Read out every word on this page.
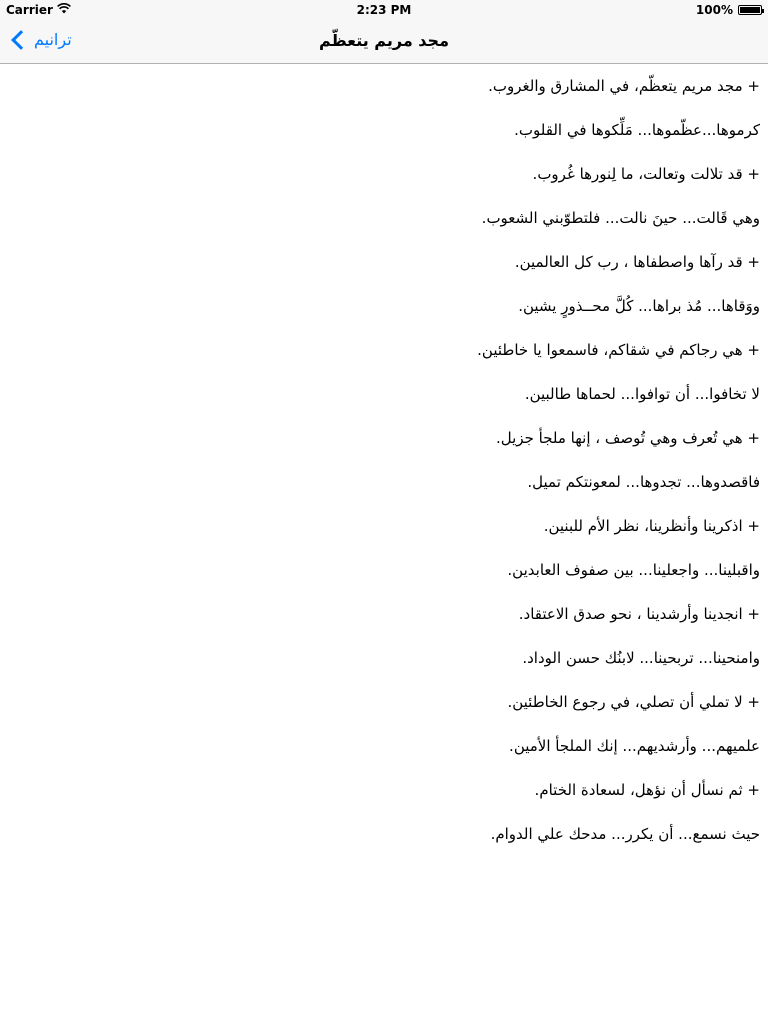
Carrier	2:23 PM	100%
ترانيم	مجد مريم يتعظّم
+ مجد مريم يتعظّم، في المشارق والغروب.
كرموها...عظّموها... مَلِّكوها في القلوب.
+ قد تلالت وتعالت، ما لِنورها غُروب.
وهي قَالت... حينَ نالت... فلتطوّبني الشعوب.
+ قد رآها واصطفاها ، رب كل العالمين.
ووَقاها... مُذ براها... كُلَّ محــذورٍ يشين.
+ هي رجاكم في شقاكم، فاسمعوا يا خاطئين.
لا تخافوا... أن توافوا... لحماها طالبين.
+ هي تُعرف وهي تُوصف ، إنها ملجأ جزيل.
فاقصدوها... تجدوها... لمعونتكم تميل.
+ اذكرينا وأنظرينا، نظر الأم للبنين.
واقبلينا... واجعلينا... بين صفوف العابدين.
+ انجدينا وأرشدينا ، نحو صدق الاعتقاد.
وامنحينا... تربحينا... لابنُك حسن الوداد.
+ لا تملي أن تصلي، في رجوع الخاطئين.
علميهم... وأرشديهم... إنك الملجأ الأمين.
+ ثم نسأل أن نؤهل، لسعادة الختام.
حيث نسمع... أن يكرر... مدحك علي الدوام.
